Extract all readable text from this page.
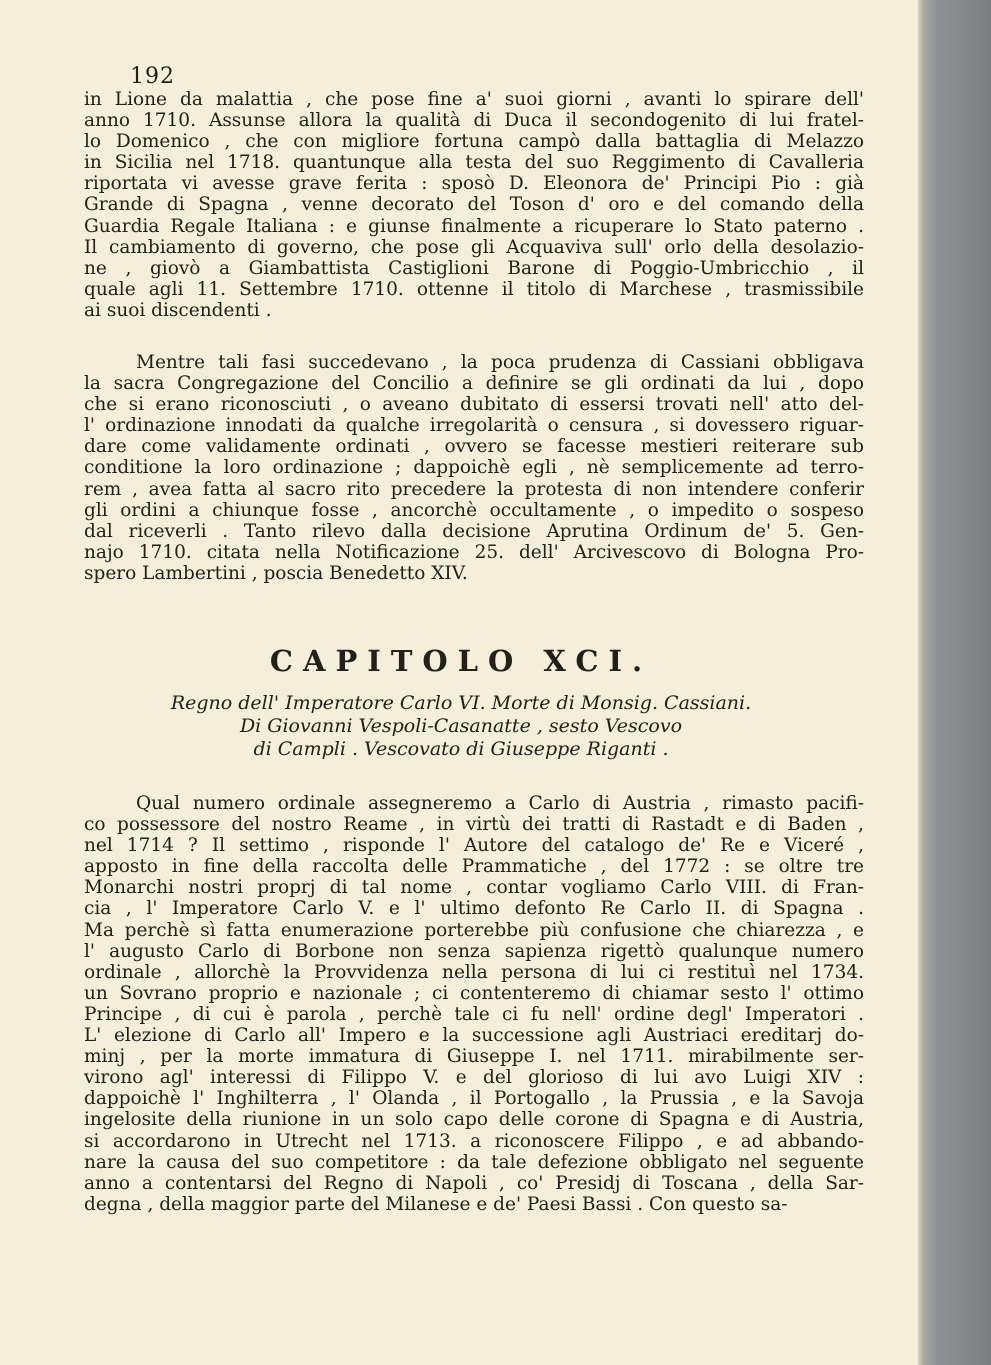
192
in Lione da malattia , che pose fine a' suoi giorni , avanti lo spirare dell'
anno 1710. Assunse allora la qualità di Duca il secondogenito di lui fratel-
lo Domenico , che con migliore fortuna campò dalla battaglia di Melazzo
in Sicilia nel 1718. quantunque alla testa del suo Reggimento di Cavalleria
riportata vi avesse grave ferita : sposò D. Eleonora de' Principi Pio : già
Grande di Spagna , venne decorato del Toson d' oro e del comando della
Guardia Regale Italiana : e giunse finalmente a ricuperare lo Stato paterno .
Il cambiamento di governo, che pose gli Acquaviva sull' orlo della desolazio-
ne , giovò a Giambattista Castiglioni Barone di Poggio-Umbricchio , il
quale agli 11. Settembre 1710. ottenne il titolo di Marchese , trasmissibile
ai suoi discendenti .
Mentre tali fasi succedevano , la poca prudenza di Cassiani obbligava
la sacra Congregazione del Concilio a definire se gli ordinati da lui , dopo
che si erano riconosciuti , o aveano dubitato di essersi trovati nell' atto del-
l' ordinazione innodati da qualche irregolarità o censura , si dovessero riguar-
dare come validamente ordinati , ovvero se facesse mestieri reiterare sub
conditione la loro ordinazione ; dappoichè egli , nè semplicemente ad terro-
rem , avea fatta al sacro rito precedere la protesta di non intendere conferir
gli ordini a chiunque fosse , ancorchè occultamente , o impedito o sospeso
dal riceverli . Tanto rilevo dalla decisione Aprutina Ordinum de' 5. Gen-
najo 1710. citata nella Notificazione 25. dell' Arcivescovo di Bologna Pro-
spero Lambertini , poscia Benedetto XIV.
CAPITOLO XCI.
Regno dell' Imperatore Carlo VI. Morte di Monsig. Cassiani.
Di Giovanni Vespoli-Casanatte , sesto Vescovo
di Campli . Vescovato di Giuseppe Riganti .
Qual numero ordinale assegneremo a Carlo di Austria , rimasto pacifi-
co possessore del nostro Reame , in virtù dei tratti di Rastadt e di Baden ,
nel 1714 ? Il settimo , risponde l' Autore del catalogo de' Re e Viceré ,
apposto in fine della raccolta delle Prammatiche , del 1772 : se oltre tre
Monarchi nostri proprj di tal nome , contar vogliamo Carlo VIII. di Fran-
cia , l' Imperatore Carlo V. e l' ultimo defonto Re Carlo II. di Spagna .
Ma perchè sì fatta enumerazione porterebbe più confusione che chiarezza , e
l' augusto Carlo di Borbone non senza sapienza rigettò qualunque numero
ordinale , allorchè la Provvidenza nella persona di lui ci restituì nel 1734.
un Sovrano proprio e nazionale ; ci contenteremo di chiamar sesto l' ottimo
Principe , di cui è parola , perchè tale ci fu nell' ordine degl' Imperatori .
L' elezione di Carlo all' Impero e la successione agli Austriaci ereditarj do-
minj , per la morte immatura di Giuseppe I. nel 1711. mirabilmente ser-
virono agl' interessi di Filippo V. e del glorioso di lui avo Luigi XIV :
dappoichè l' Inghilterra , l' Olanda , il Portogallo , la Prussia , e la Savoja
ingelosite della riunione in un solo capo delle corone di Spagna e di Austria,
si accordarono in Utrecht nel 1713. a riconoscere Filippo , e ad abbando-
nare la causa del suo competitore : da tale defezione obbligato nel seguente
anno a contentarsi del Regno di Napoli , co' Presidj di Toscana , della Sar-
degna , della maggior parte del Milanese e de' Paesi Bassi . Con questo sa-
